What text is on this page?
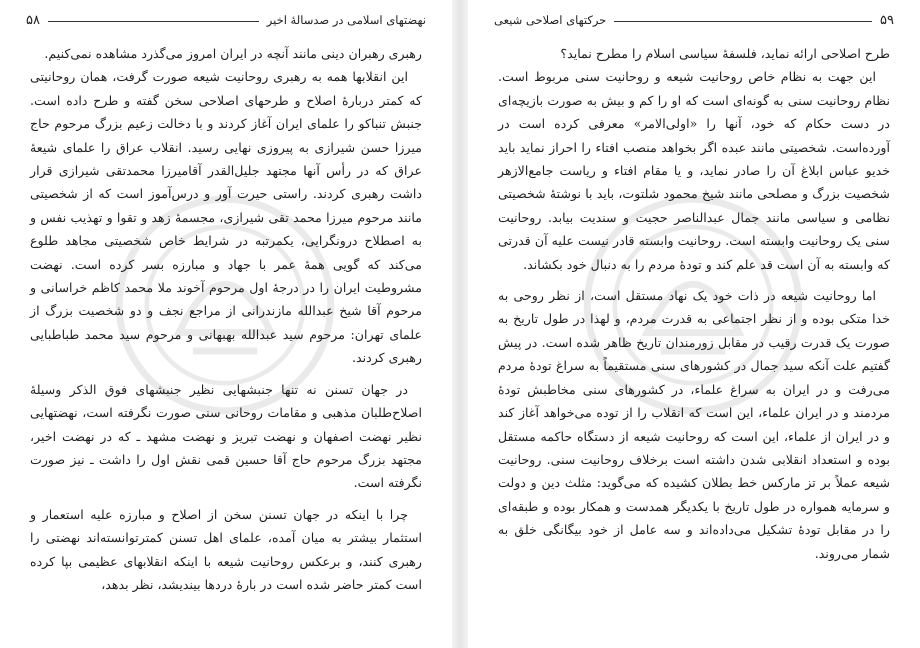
نهضتهای اسلامی در صدسالهٔ اخیر
۵۸

رهبری رهبران دینی مانند آنچه در ایران امروز می‌گذرد مشاهده نمی‌کنیم.

این انقلابها همه به رهبری روحانیت شیعه صورت گرفت، همان روحانیتی که کمتر دربارهٔ اصلاح و طرحهای اصلاحی سخن گفته و طرح داده است. جنبش تنباکو را علمای ایران آغاز کردند و با دخالت زعیم بزرگ مرحوم حاج میرزا حسن شیرازی به پیروزی نهایی رسید. انقلاب عراق را علمای شیعهٔ عراق که در رأس آنها مجتهد جلیل‌القدر آقامیرزا محمدتقی شیرازی قرار داشت رهبری کردند. راستی حیرت آور و درس‌آموز است که از شخصیتی مانند مرحوم میرزا محمد تقی شیرازی، مجسمهٔ زهد و تقوا و تهذیب نفس و به اصطلاح درونگرایی، یکمرتبه در شرایط خاص شخصیتی مجاهد طلوع می‌کند که گویی همهٔ عمر با جهاد و مبارزه بسر کرده است. نهضت مشروطیت ایران را در درجهٔ اول مرحوم آخوند ملا محمد کاظم خراسانی و مرحوم آقا شیخ عبدالله مازندرانی از مراجع نجف و دو شخصیت بزرگ از علمای تهران: مرحوم سید عبدالله بهبهانی و مرحوم سید محمد طباطبایی رهبری کردند.

در جهان تسنن نه تنها جنبشهایی نظیر جنبشهای فوق الذکر وسیلهٔ اصلاح‌طلبان مذهبی و مقامات روحانی سنی صورت نگرفته است، نهضتهایی نظیر نهضت اصفهان و نهضت تبریز و نهضت مشهد ـ که در نهضت اخیر، مجتهد بزرگ مرحوم حاج آقا حسین قمی نقش اول را داشت ـ نیز صورت نگرفته است.

چرا با اینکه در جهان تسنن سخن از اصلاح و مبارزه علیه استعمار و استثمار بیشتر به میان آمده، علمای اهل تسنن کمترتوانسته‌اند نهضتی را رهبری کنند، و برعکس روحانیت شیعه با اینکه انقلابهای عظیمی بپا کرده است کمتر حاضر شده است در بارهٔ دردها بیندیشد، نظر بدهد،

۵۹
حرکتهای اصلاحی شیعی

طرح اصلاحی ارائه نماید، فلسفهٔ سیاسی اسلام را مطرح نماید؟

این جهت به نظام خاص روحانیت شیعه و روحانیت سنی مربوط است. نظام روحانیت سنی به گونه‌ای است که او را کم و بیش به صورت بازیچه‌ای در دست حکام که خود، آنها را «اولی‌الامر» معرفی کرده است در آورده‌است. شخصیتی مانند عبده اگر بخواهد منصب افتاء را احراز نماید باید خدیو عباس ابلاغ آن را صادر نماید، و یا مقام افتاء و ریاست جامع‌الازهر شخصیت بزرگ و مصلحی مانند شیخ محمود شلتوت، باید با نوشتهٔ شخصیتی نظامی و سیاسی مانند جمال عبدالناصر حجیت و سندیت بیابد. روحانیت سنی یک روحانیت وابسته است. روحانیت وابسته قادر نیست علیه آن قدرتی که وابسته به آن است قد علم کند و تودهٔ مردم را به دنبال خود بکشاند.

اما روحانیت شیعه در ذات خود یک نهاد مستقل است، از نظر روحی به خدا متکی بوده و از نظر اجتماعی به قدرت مردم، و لهذا در طول تاریخ به صورت یک قدرت رقیب در مقابل زورمندان تاریخ ظاهر شده است. در پیش گفتیم علت آنکه سید جمال در کشورهای سنی مستقیماً به سراغ تودهٔ مردم می‌رفت و در ایران به سراغ علماء، در کشورهای سنی مخاطبش تودهٔ مردمند و در ایران علماء، این است که انقلاب را از توده می‌خواهد آغاز کند و در ایران از علماء، این است که روحانیت شیعه از دستگاه حاکمه مستقل بوده و استعداد انقلابی شدن داشته است برخلاف روحانیت سنی. روحانیت شیعه عملاً بر تز مارکس خط بطلان کشیده که می‌گوید: مثلث دین و دولت و سرمایه همواره در طول تاریخ با یکدیگر همدست و همکار بوده و طبقه‌ای را در مقابل تودهٔ تشکیل می‌داده‌اند و سه عامل از خود بیگانگی خلق به شمار می‌روند.
